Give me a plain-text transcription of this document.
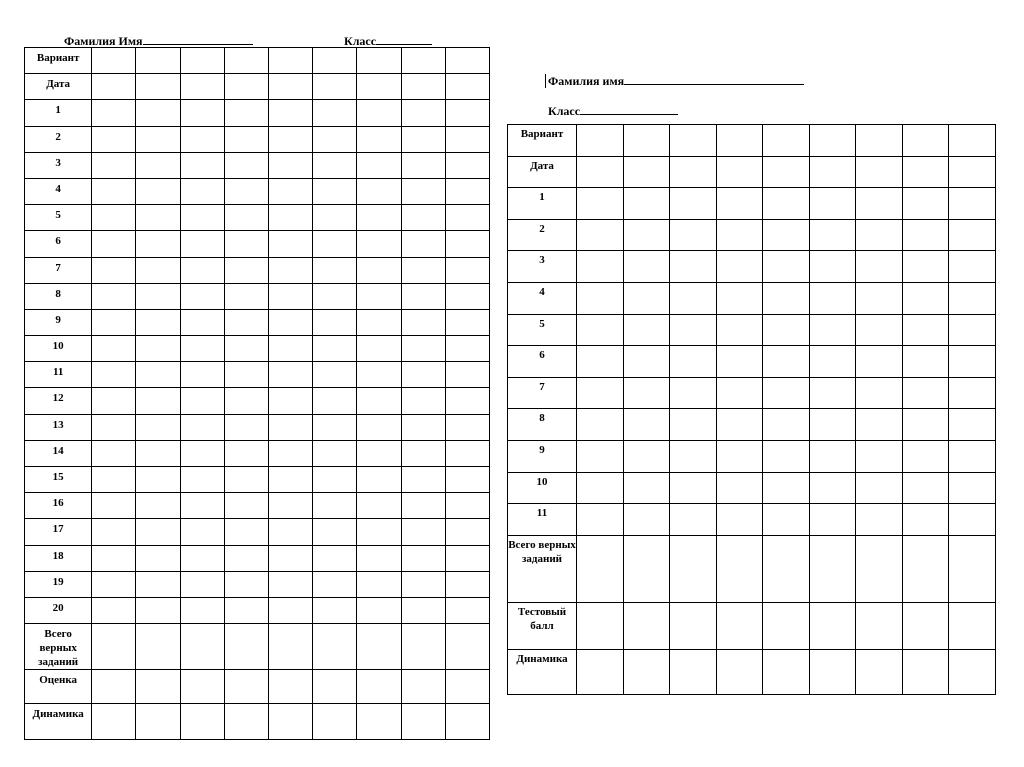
Фамилия Имя	Класс
Вариант									
Дата									
1									
2									
3									
4									
5									
6									
7									
8									
9									
10									
11									
12									
13									
14									
15									
16									
17									
18									
19									
20									
Всего верных заданий									
Оценка									
Динамика									
Фамилия имя
Класс
Вариант									
Дата									
1									
2									
3									
4									
5									
6									
7									
8									
9									
10									
11									
Всего верных заданий									
Тестовый балл									
Динамика									
